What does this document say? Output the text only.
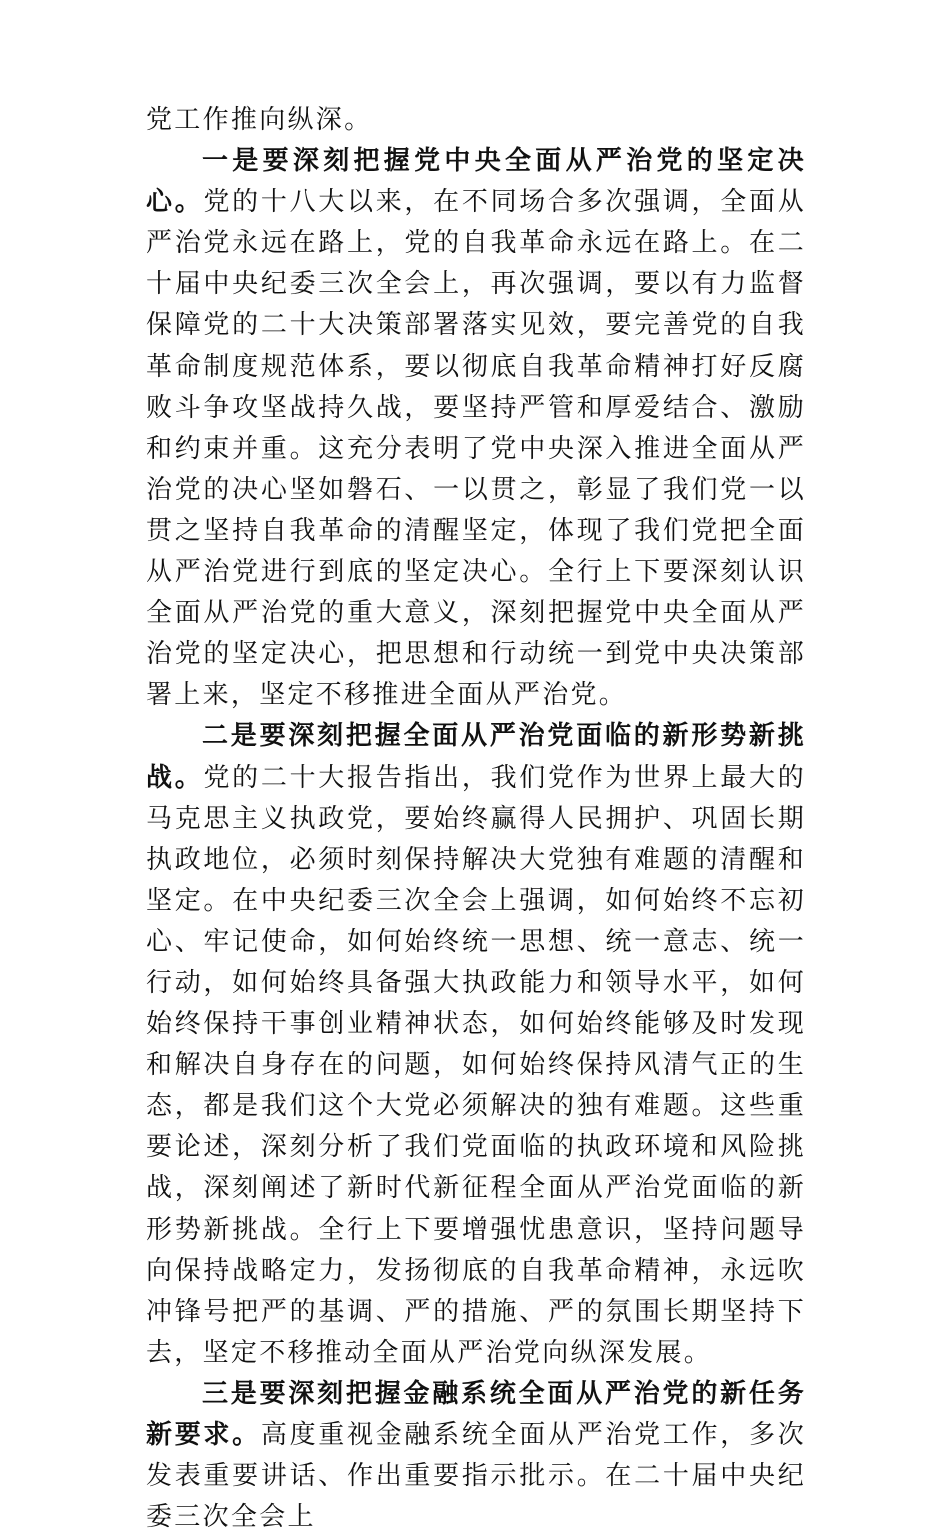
党工作推向纵深。

一是要深刻把握党中央全面从严治党的坚定决心。党的十八大以来，在不同场合多次强调，全面从严治党永远在路上，党的自我革命永远在路上。在二十届中央纪委三次全会上，再次强调，要以有力监督保障党的二十大决策部署落实见效，要完善党的自我革命制度规范体系，要以彻底自我革命精神打好反腐败斗争攻坚战持久战，要坚持严管和厚爱结合、激励和约束并重。这充分表明了党中央深入推进全面从严治党的决心坚如磐石、一以贯之，彰显了我们党一以贯之坚持自我革命的清醒坚定，体现了我们党把全面从严治党进行到底的坚定决心。全行上下要深刻认识全面从严治党的重大意义，深刻把握党中央全面从严治党的坚定决心，把思想和行动统一到党中央决策部署上来，坚定不移推进全面从严治党。

二是要深刻把握全面从严治党面临的新形势新挑战。党的二十大报告指出，我们党作为世界上最大的马克思主义执政党，要始终赢得人民拥护、巩固长期执政地位，必须时刻保持解决大党独有难题的清醒和坚定。在中央纪委三次全会上强调，如何始终不忘初心、牢记使命，如何始终统一思想、统一意志、统一行动，如何始终具备强大执政能力和领导水平，如何始终保持干事创业精神状态，如何始终能够及时发现和解决自身存在的问题，如何始终保持风清气正的生态，都是我们这个大党必须解决的独有难题。这些重要论述，深刻分析了我们党面临的执政环境和风险挑战，深刻阐述了新时代新征程全面从严治党面临的新形势新挑战。全行上下要增强忧患意识，坚持问题导向保持战略定力，发扬彻底的自我革命精神，永远吹冲锋号把严的基调、严的措施、严的氛围长期坚持下去，坚定不移推动全面从严治党向纵深发展。

三是要深刻把握金融系统全面从严治党的新任务新要求。高度重视金融系统全面从严治党工作，多次发表重要讲话、作出重要指示批示。在二十届中央纪委三次全会上
